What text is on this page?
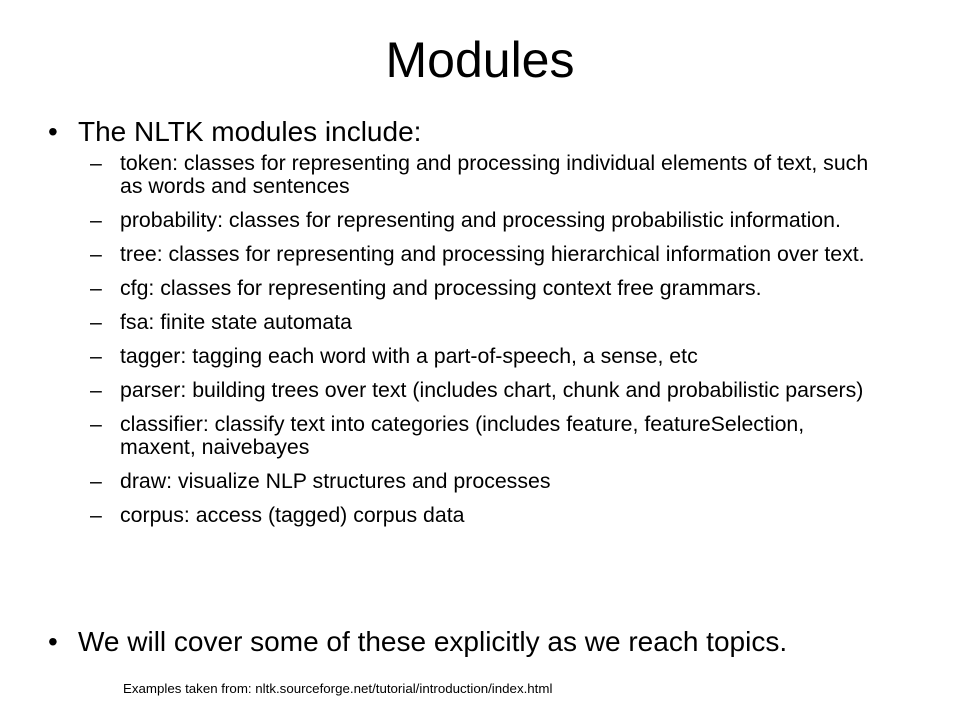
Modules
• The NLTK modules include:
– token: classes for representing and processing individual elements of text, such as words and sentences
– probability: classes for representing and processing probabilistic information.
– tree: classes for representing and processing hierarchical information over text.
– cfg: classes for representing and processing context free grammars.
– fsa: finite state automata
– tagger: tagging each word with a part-of-speech, a sense, etc
– parser: building trees over text (includes chart, chunk and probabilistic parsers)
– classifier: classify text into categories (includes feature, featureSelection, maxent, naivebayes
– draw: visualize NLP structures and processes
– corpus: access (tagged) corpus data
• We will cover some of these explicitly as we reach topics.
Examples taken from: nltk.sourceforge.net/tutorial/introduction/index.html
